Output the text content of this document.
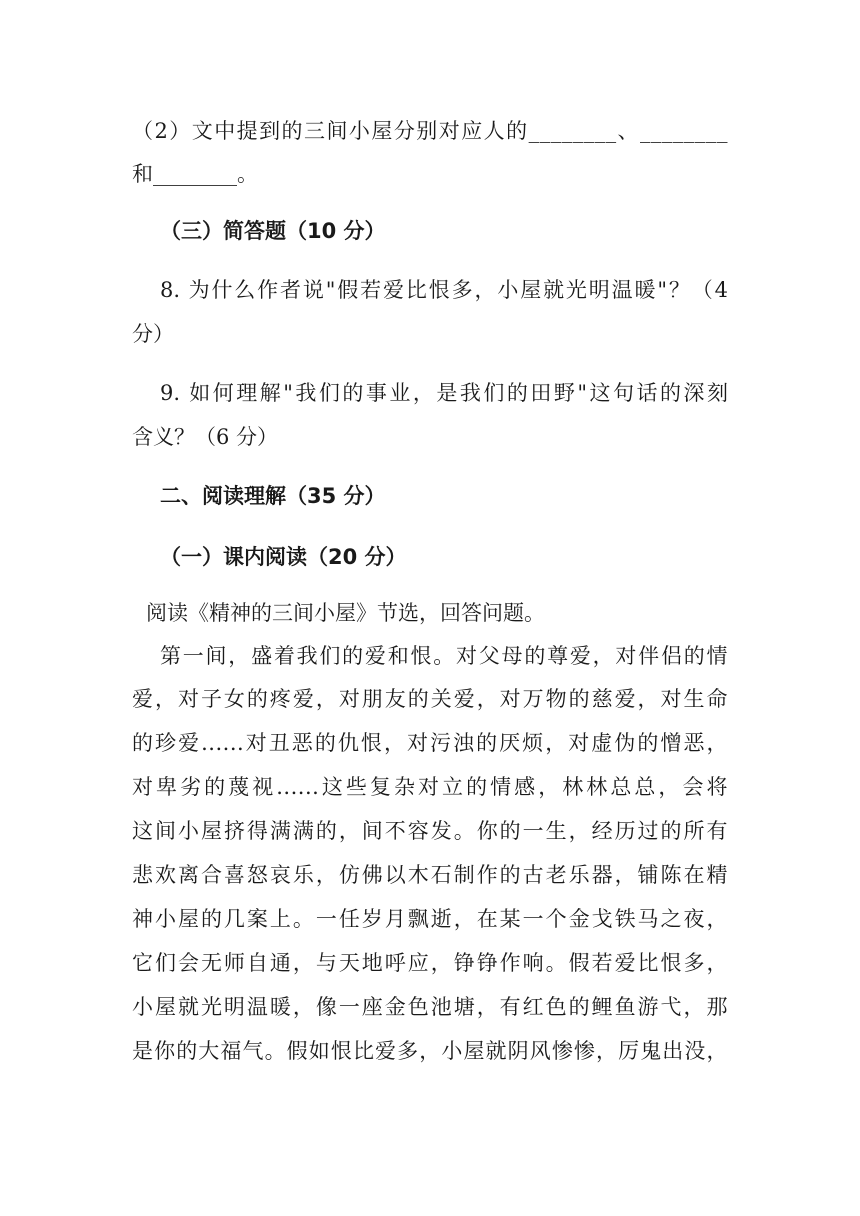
（2）文中提到的三间小屋分别对应人的________、________
和________。
（三）简答题（10 分）
8. 为什么作者说"假若爱比恨多，小屋就光明温暖"？（4
分）
9. 如何理解"我们的事业，是我们的田野"这句话的深刻
含义？（6 分）
二、阅读理解（35 分）
（一）课内阅读（20 分）
阅读《精神的三间小屋》节选，回答问题。
第一间，盛着我们的爱和恨。对父母的尊爱，对伴侣的情
爱，对子女的疼爱，对朋友的关爱，对万物的慈爱，对生命
的珍爱......对丑恶的仇恨，对污浊的厌烦，对虚伪的憎恶，
对卑劣的蔑视......这些复杂对立的情感，林林总总，会将
这间小屋挤得满满的，间不容发。你的一生，经历过的所有
悲欢离合喜怒哀乐，仿佛以木石制作的古老乐器，铺陈在精
神小屋的几案上。一任岁月飘逝，在某一个金戈铁马之夜，
它们会无师自通，与天地呼应，铮铮作响。假若爱比恨多，
小屋就光明温暖，像一座金色池塘，有红色的鲤鱼游弋，那
是你的大福气。假如恨比爱多，小屋就阴风惨惨，厉鬼出没，
